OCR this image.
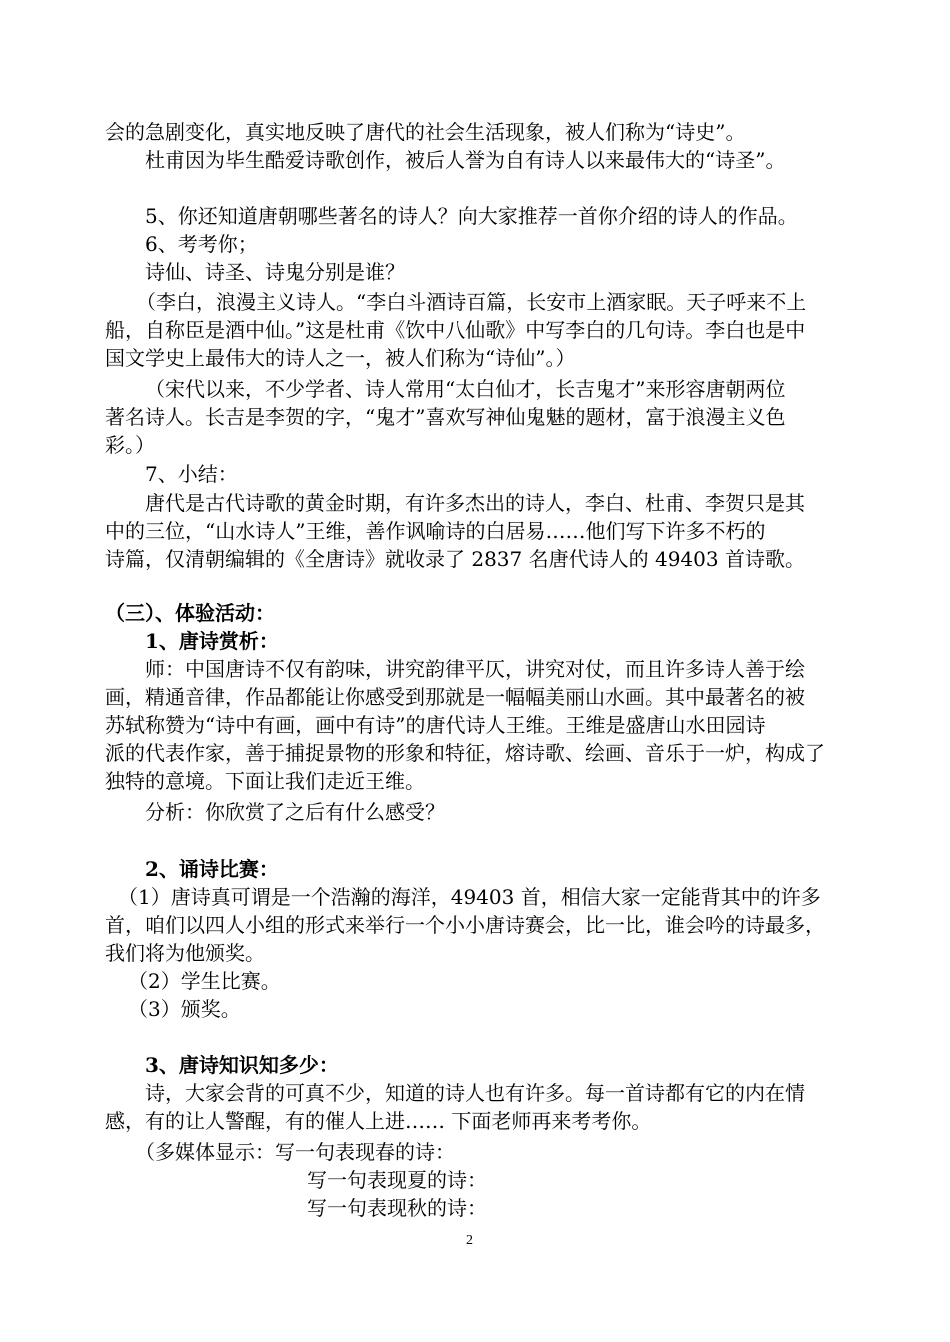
会的急剧变化，真实地反映了唐代的社会生活现象，被人们称为“诗史”。
杜甫因为毕生酷爱诗歌创作，被后人誉为自有诗人以来最伟大的“诗圣”。
5、你还知道唐朝哪些著名的诗人？向大家推荐一首你介绍的诗人的作品。
6、考考你；
诗仙、诗圣、诗鬼分别是谁？
（李白，浪漫主义诗人。“李白斗酒诗百篇，长安市上酒家眠。天子呼来不上
船，自称臣是酒中仙。”这是杜甫《饮中八仙歌》中写李白的几句诗。李白也是中
国文学史上最伟大的诗人之一，被人们称为“诗仙”。）
（宋代以来，不少学者、诗人常用“太白仙才，长吉鬼才”来形容唐朝两位
著名诗人。长吉是李贺的字，“鬼才”喜欢写神仙鬼魅的题材，富于浪漫主义色
彩。）
7、小结：
唐代是古代诗歌的黄金时期，有许多杰出的诗人，李白、杜甫、李贺只是其
中的三位，“山水诗人”王维，善作讽喻诗的白居易……他们写下许多不朽的
诗篇，仅清朝编辑的《全唐诗》就收录了 2837 名唐代诗人的 49403 首诗歌。
（三）、体验活动：
1、唐诗赏析：
师：中国唐诗不仅有韵味，讲究韵律平仄，讲究对仗，而且许多诗人善于绘
画，精通音律，作品都能让你感受到那就是一幅幅美丽山水画。其中最著名的被
苏轼称赞为“诗中有画，画中有诗”的唐代诗人王维。王维是盛唐山水田园诗
派的代表作家，善于捕捉景物的形象和特征，熔诗歌、绘画、音乐于一炉，构成了
独特的意境。下面让我们走近王维。
分析：你欣赏了之后有什么感受？
2、诵诗比赛：
（1）唐诗真可谓是一个浩瀚的海洋，49403 首，相信大家一定能背其中的许多
首，咱们以四人小组的形式来举行一个小小唐诗赛会，比一比，谁会吟的诗最多，
我们将为他颁奖。
（2）学生比赛。
（3）颁奖。
3、唐诗知识知多少：
诗，大家会背的可真不少，知道的诗人也有许多。每一首诗都有它的内在情
感，有的让人警醒，有的催人上进…… 下面老师再来考考你。
（多媒体显示：写一句表现春的诗：
写一句表现夏的诗：
写一句表现秋的诗：
2
